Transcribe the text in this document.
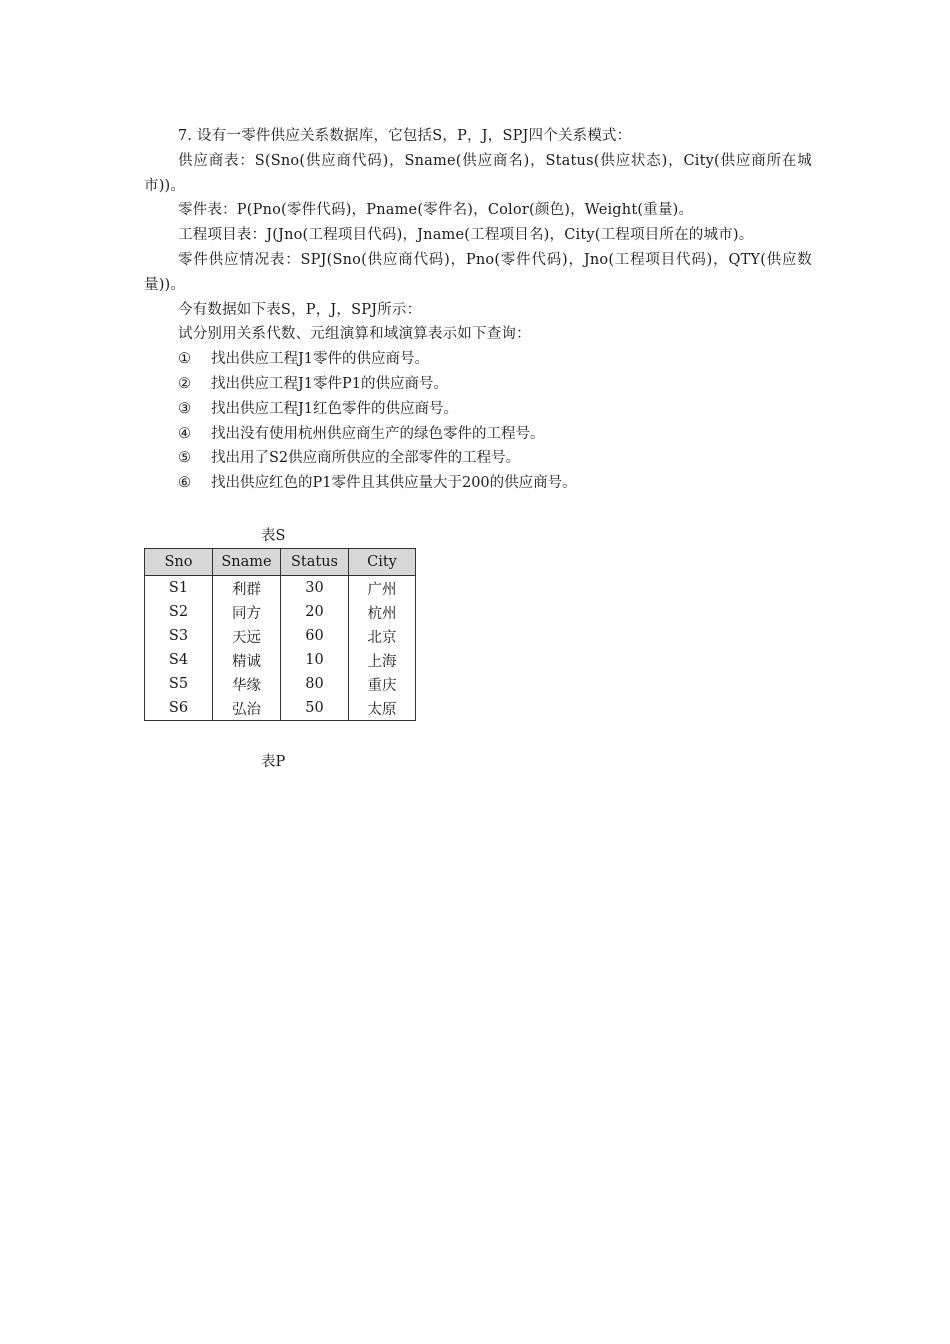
7. 设有一零件供应关系数据库，它包括S，P，J，SPJ四个关系模式：

供应商表：S(Sno(供应商代码)，Sname(供应商名)，Status(供应状态)，City(供应商所在城市))。

零件表：P(Pno(零件代码)，Pname(零件名)，Color(颜色)，Weight(重量)。

工程项目表：J(Jno(工程项目代码)，Jname(工程项目名)，City(工程项目所在的城市)。

零件供应情况表：SPJ(Sno(供应商代码)，Pno(零件代码)，Jno(工程项目代码)，QTY(供应数量))。

今有数据如下表S，P，J，SPJ所示：

试分别用关系代数、元组演算和域演算表示如下查询：

① 找出供应工程J1零件的供应商号。
② 找出供应工程J1零件P1的供应商号。
③ 找出供应工程J1红色零件的供应商号。
④ 找出没有使用杭州供应商生产的绿色零件的工程号。
⑤ 找出用了S2供应商所供应的全部零件的工程号。
⑥ 找出供应红色的P1零件且其供应量大于200的供应商号。
表S
Sno	Sname	Status	City
S1	利群	30	广州
S2	同方	20	杭州
S3	天远	60	北京
S4	精诚	10	上海
S5	华缘	80	重庆
S6	弘治	50	太原
表P
